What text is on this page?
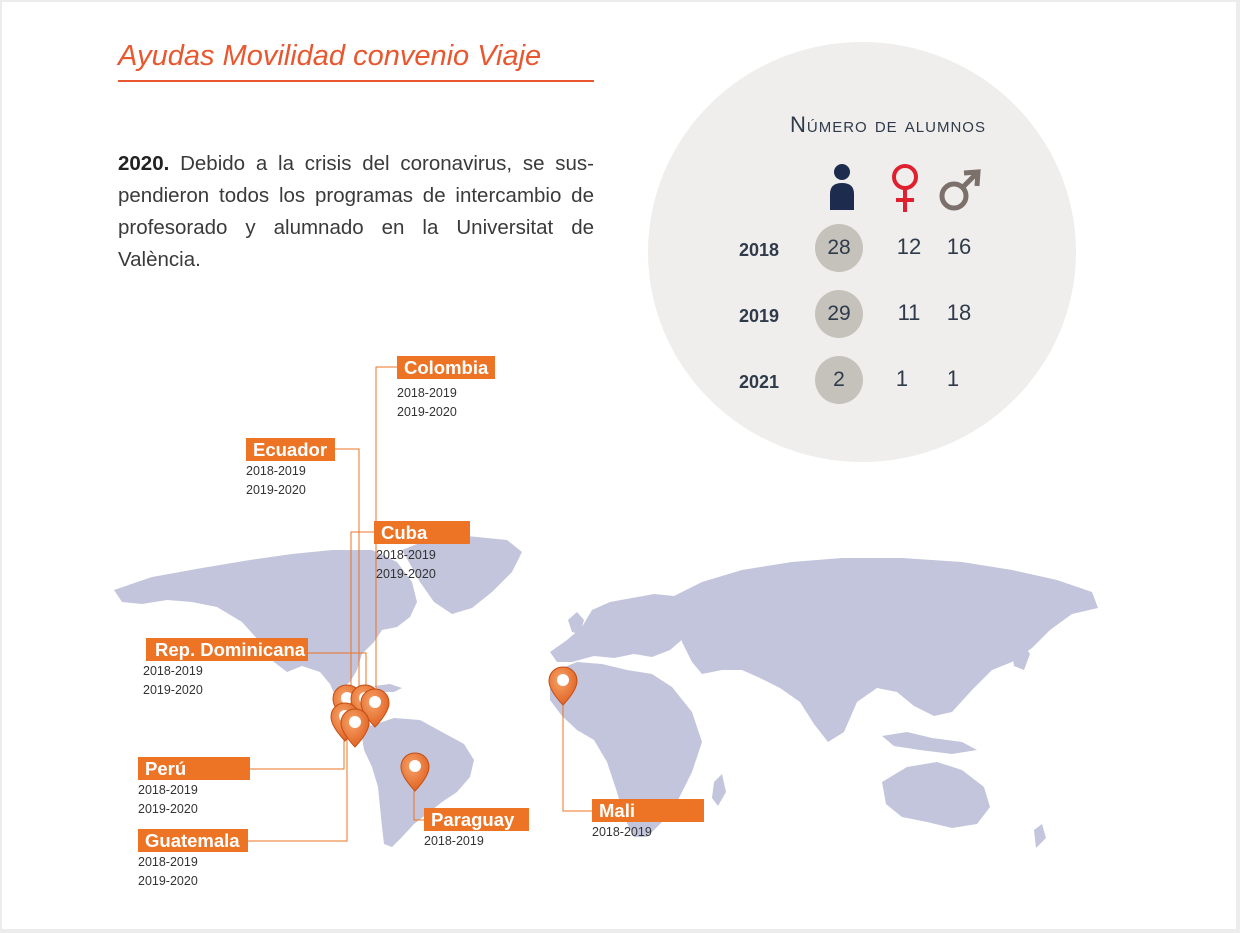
Ayudas Movilidad convenio Viaje

2020. Debido a la crisis del coronavirus, se sus-pendieron todos los programas de intercambio de profesorado y alumnado en la Universitat de València.

Número de alumnos
2018	28	12	16
2019	29	11	18
2021	2	1	1
Colombia
2018-2019
2019-2020
Ecuador
2018-2019
2019-2020
Cuba
2018-2019
2019-2020
Rep. Dominicana
2018-2019
2019-2020
Perú
2018-2019
2019-2020
Guatemala
2018-2019
2019-2020
Paraguay
2018-2019
Mali
2018-2019
